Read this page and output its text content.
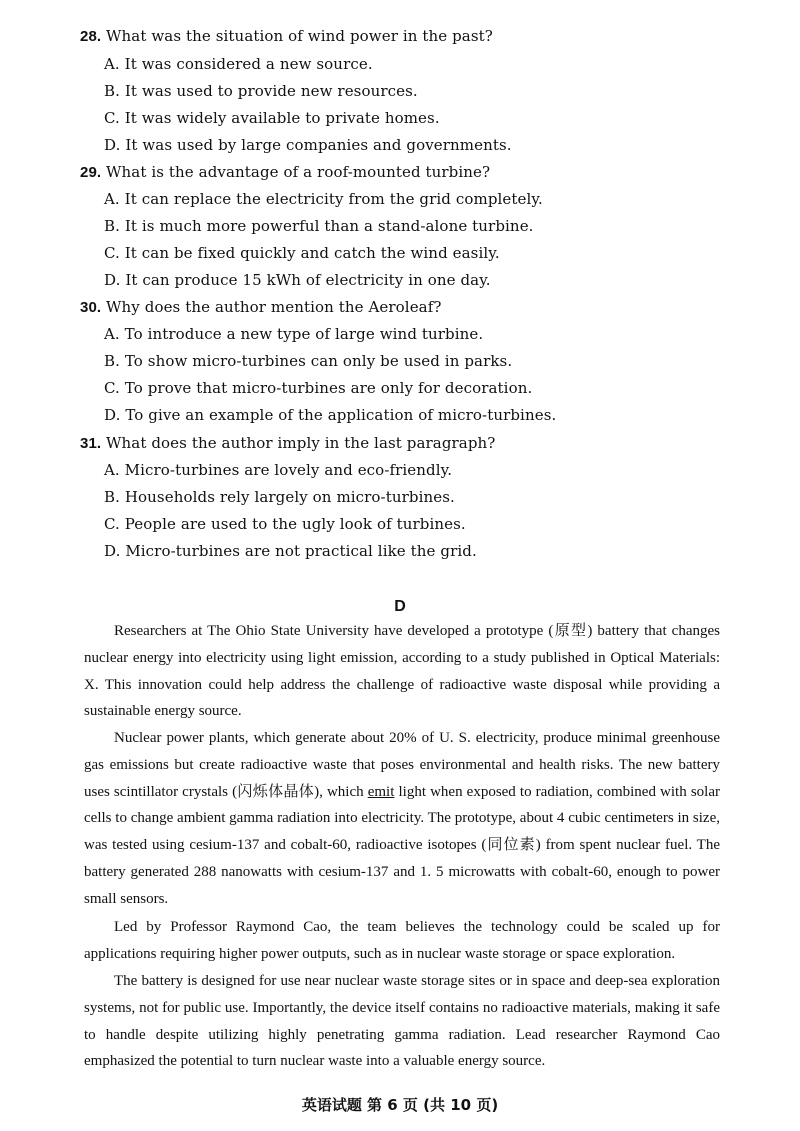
28. What was the situation of wind power in the past?
A. It was considered a new source.
B. It was used to provide new resources.
C. It was widely available to private homes.
D. It was used by large companies and governments.
29. What is the advantage of a roof-mounted turbine?
A. It can replace the electricity from the grid completely.
B. It is much more powerful than a stand-alone turbine.
C. It can be fixed quickly and catch the wind easily.
D. It can produce 15 kWh of electricity in one day.
30. Why does the author mention the Aeroleaf?
A. To introduce a new type of large wind turbine.
B. To show micro-turbines can only be used in parks.
C. To prove that micro-turbines are only for decoration.
D. To give an example of the application of micro-turbines.
31. What does the author imply in the last paragraph?
A. Micro-turbines are lovely and eco-friendly.
B. Households rely largely on micro-turbines.
C. People are used to the ugly look of turbines.
D. Micro-turbines are not practical like the grid.
D
Researchers at The Ohio State University have developed a prototype (原型) battery that changes nuclear energy into electricity using light emission, according to a study published in Optical Materials: X. This innovation could help address the challenge of radioactive waste disposal while providing a sustainable energy source.
Nuclear power plants, which generate about 20% of U. S. electricity, produce minimal greenhouse gas emissions but create radioactive waste that poses environmental and health risks. The new battery uses scintillator crystals (闪烁体晶体), which emit light when exposed to radiation, combined with solar cells to change ambient gamma radiation into electricity. The prototype, about 4 cubic centimeters in size, was tested using cesium-137 and cobalt-60, radioactive isotopes (同位素) from spent nuclear fuel. The battery generated 288 nanowatts with cesium-137 and 1. 5 microwatts with cobalt-60, enough to power small sensors.
Led by Professor Raymond Cao, the team believes the technology could be scaled up for applications requiring higher power outputs, such as in nuclear waste storage or space exploration.
The battery is designed for use near nuclear waste storage sites or in space and deep-sea exploration systems, not for public use. Importantly, the device itself contains no radioactive materials, making it safe to handle despite utilizing highly penetrating gamma radiation. Lead researcher Raymond Cao emphasized the potential to turn nuclear waste into a valuable energy source.
英语试题 第 6 页 (共 10 页)
